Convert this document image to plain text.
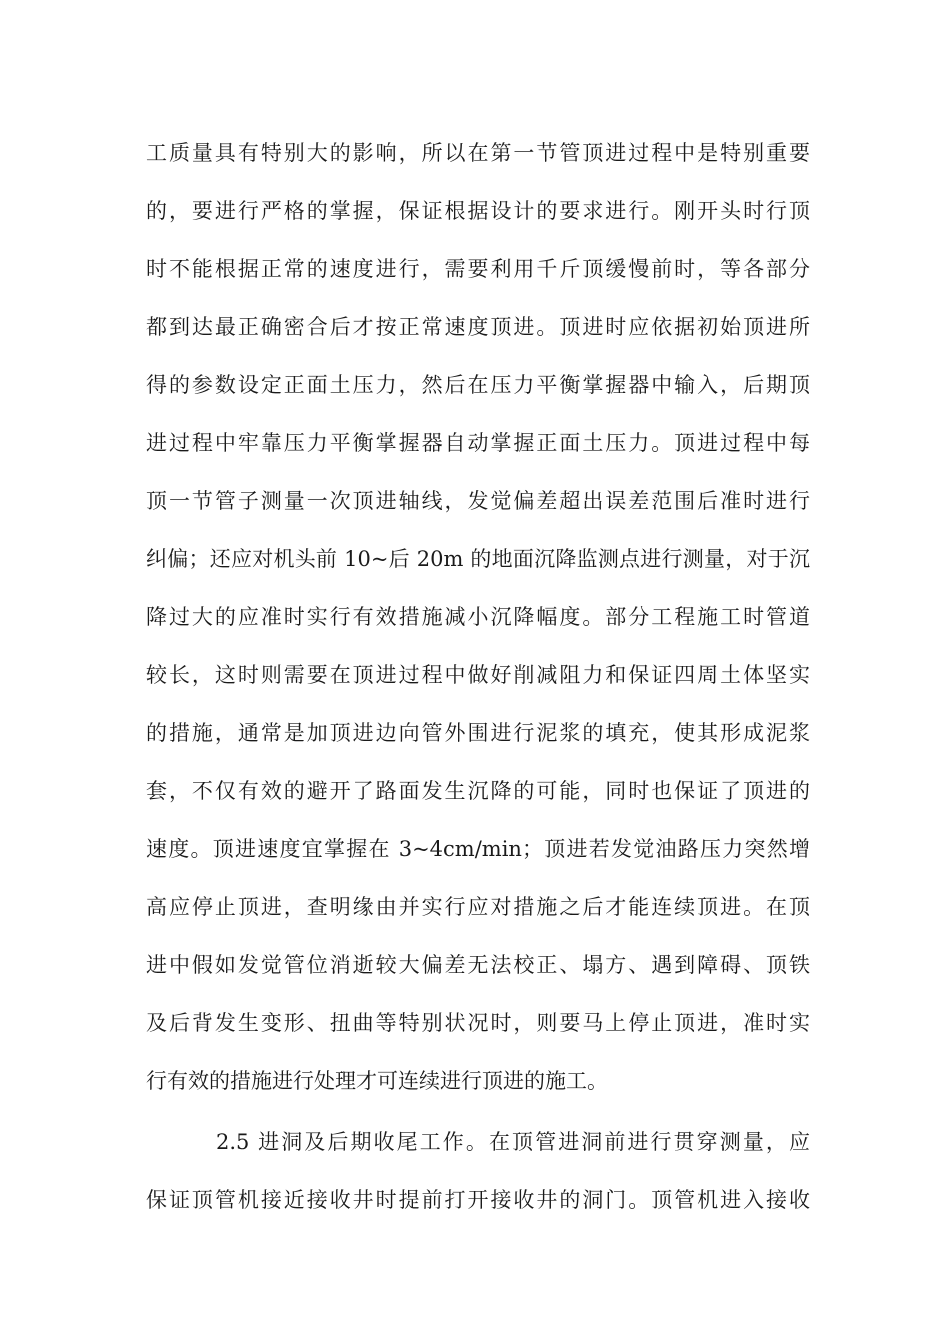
工质量具有特别大的影响，所以在第一节管顶进过程中是特别重要
的，要进行严格的掌握，保证根据设计的要求进行。刚开头时行顶
时不能根据正常的速度进行，需要利用千斤顶缓慢前时，等各部分
都到达最正确密合后才按正常速度顶进。顶进时应依据初始顶进所
得的参数设定正面土压力，然后在压力平衡掌握器中输入，后期顶
进过程中牢靠压力平衡掌握器自动掌握正面土压力。顶进过程中每
顶一节管子测量一次顶进轴线，发觉偏差超出误差范围后准时进行
纠偏；还应对机头前 10~后 20m 的地面沉降监测点进行测量，对于沉
降过大的应准时实行有效措施减小沉降幅度。部分工程施工时管道
较长，这时则需要在顶进过程中做好削减阻力和保证四周土体坚实
的措施，通常是加顶进边向管外围进行泥浆的填充，使其形成泥浆
套，不仅有效的避开了路面发生沉降的可能，同时也保证了顶进的
速度。顶进速度宜掌握在 3~4cm/min；顶进若发觉油路压力突然增
高应停止顶进，查明缘由并实行应对措施之后才能连续顶进。在顶
进中假如发觉管位消逝较大偏差无法校正、塌方、遇到障碍、顶铁
及后背发生变形、扭曲等特别状况时，则要马上停止顶进，准时实
行有效的措施进行处理才可连续进行顶进的施工。
2.5 进洞及后期收尾工作。在顶管进洞前进行贯穿测量，应
保证顶管机接近接收井时提前打开接收井的洞门。顶管机进入接收
